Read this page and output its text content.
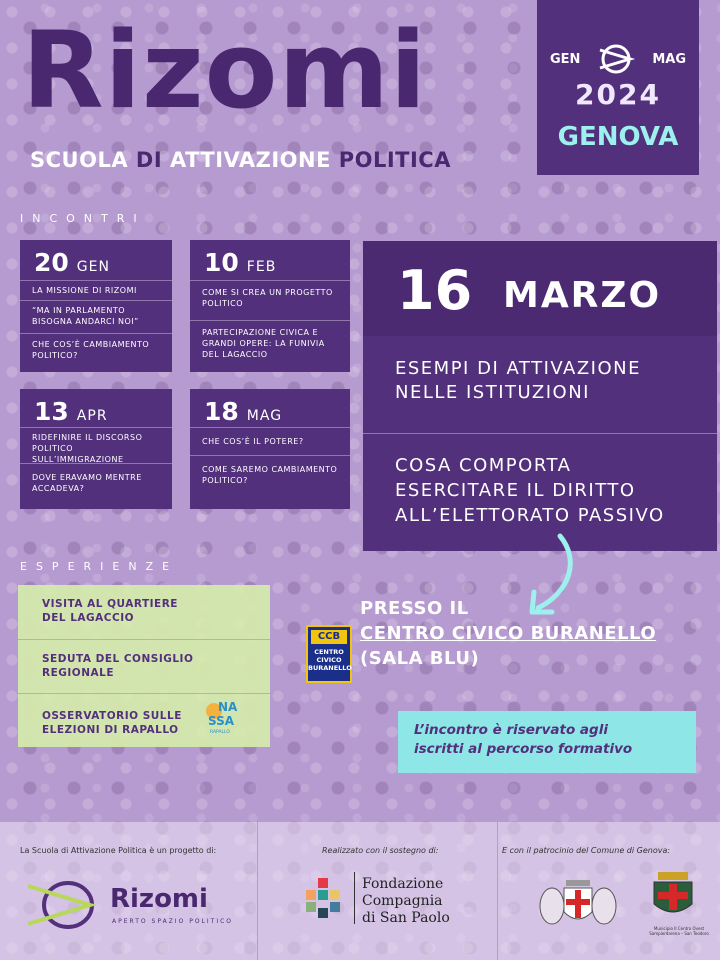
Rizomi
SCUOLA DI ATTIVAZIONE POLITICA
GEN	MAG
2024
GENOVA
INCONTRI
20 GEN
LA MISSIONE DI RIZOMI
“MA IN PARLAMENTO BISOGNA ANDARCI NOI”
CHE COS’È CAMBIAMENTO POLITICO?
10 FEB
COME SI CREA UN PROGETTO POLITICO
PARTECIPAZIONE CIVICA E GRANDI OPERE: LA FUNIVIA DEL LAGACCIO
13 APR
RIDEFINIRE IL DISCORSO POLITICO SULL’IMMIGRAZIONE
DOVE ERAVAMO MENTRE ACCADEVA?
18 MAG
CHE COS’È IL POTERE?
COME SAREMO CAMBIAMENTO POLITICO?
16 MARZO
ESEMPI DI ATTIVAZIONE
NELLE ISTITUZIONI
COSA COMPORTA
ESERCITARE IL DIRITTO
ALL’ELETTORATO PASSIVO
ESPERIENZE
VISITA AL QUARTIERE
DEL LAGACCIO
SEDUTA DEL CONSIGLIO
REGIONALE
OSSERVATORIO SULLE
ELEZIONI DI RAPALLO
NA
SSA
RAPALLO
CCB
CENTRO
CIVICO
BURANELLO
PRESSO IL
CENTRO CIVICO BURANELLO
(SALA BLU)
L’incontro è riservato agli
iscritti al percorso formativo
La Scuola di Attivazione Politica è un progetto di:
Rizomi
APERTO SPAZIO POLITICO
Realizzato con il sostegno di:
Fondazione
Compagnia
di San Paolo
E con il patrocinio del Comune di Genova:
Municipio II Centro Ovest
Sampierdarena – San Teodoro
